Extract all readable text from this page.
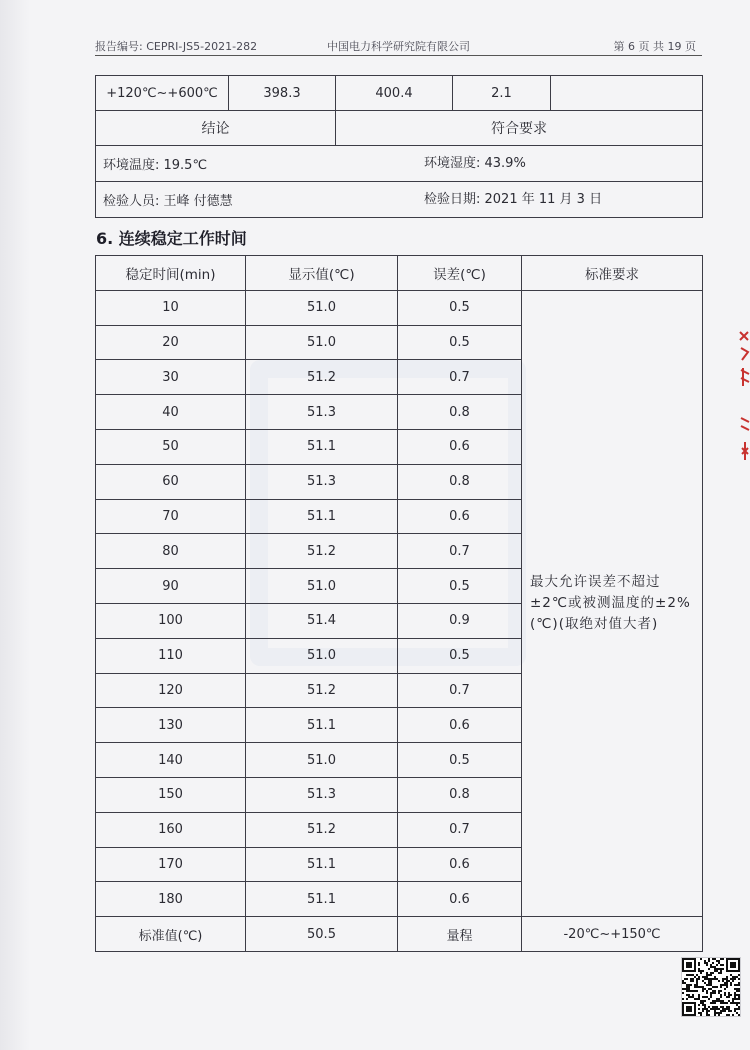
报告编号: CEPRI-JS5-2021-282	中国电力科学研究院有限公司	第 6 页 共 19 页
+120℃~+600℃	398.3	400.4	2.1	
结论		符合要求		
环境温度: 19.5℃ 环境湿度: 43.9%				

检验人员: 王峰 付德慧 检验日期: 2021 年 11 月 3 日				
6. 连续稳定工作时间
稳定时间(min)	显示值(℃)	误差(℃)	标准要求
10	51.0	0.5	最大允许误差不超过±2℃或被测温度的±2%(℃)(取绝对值大者)
20	51.0	0.5	
30	51.2	0.7	
40	51.3	0.8	
50	51.1	0.6	
60	51.3	0.8	
70	51.1	0.6	
80	51.2	0.7	
90	51.0	0.5	
100	51.4	0.9	
110	51.0	0.5	
120	51.2	0.7	
130	51.1	0.6	
140	51.0	0.5	
150	51.3	0.8	
160	51.2	0.7	
170	51.1	0.6	
180	51.1	0.6	
标准值(℃)	50.5	量程	-20℃~+150℃
